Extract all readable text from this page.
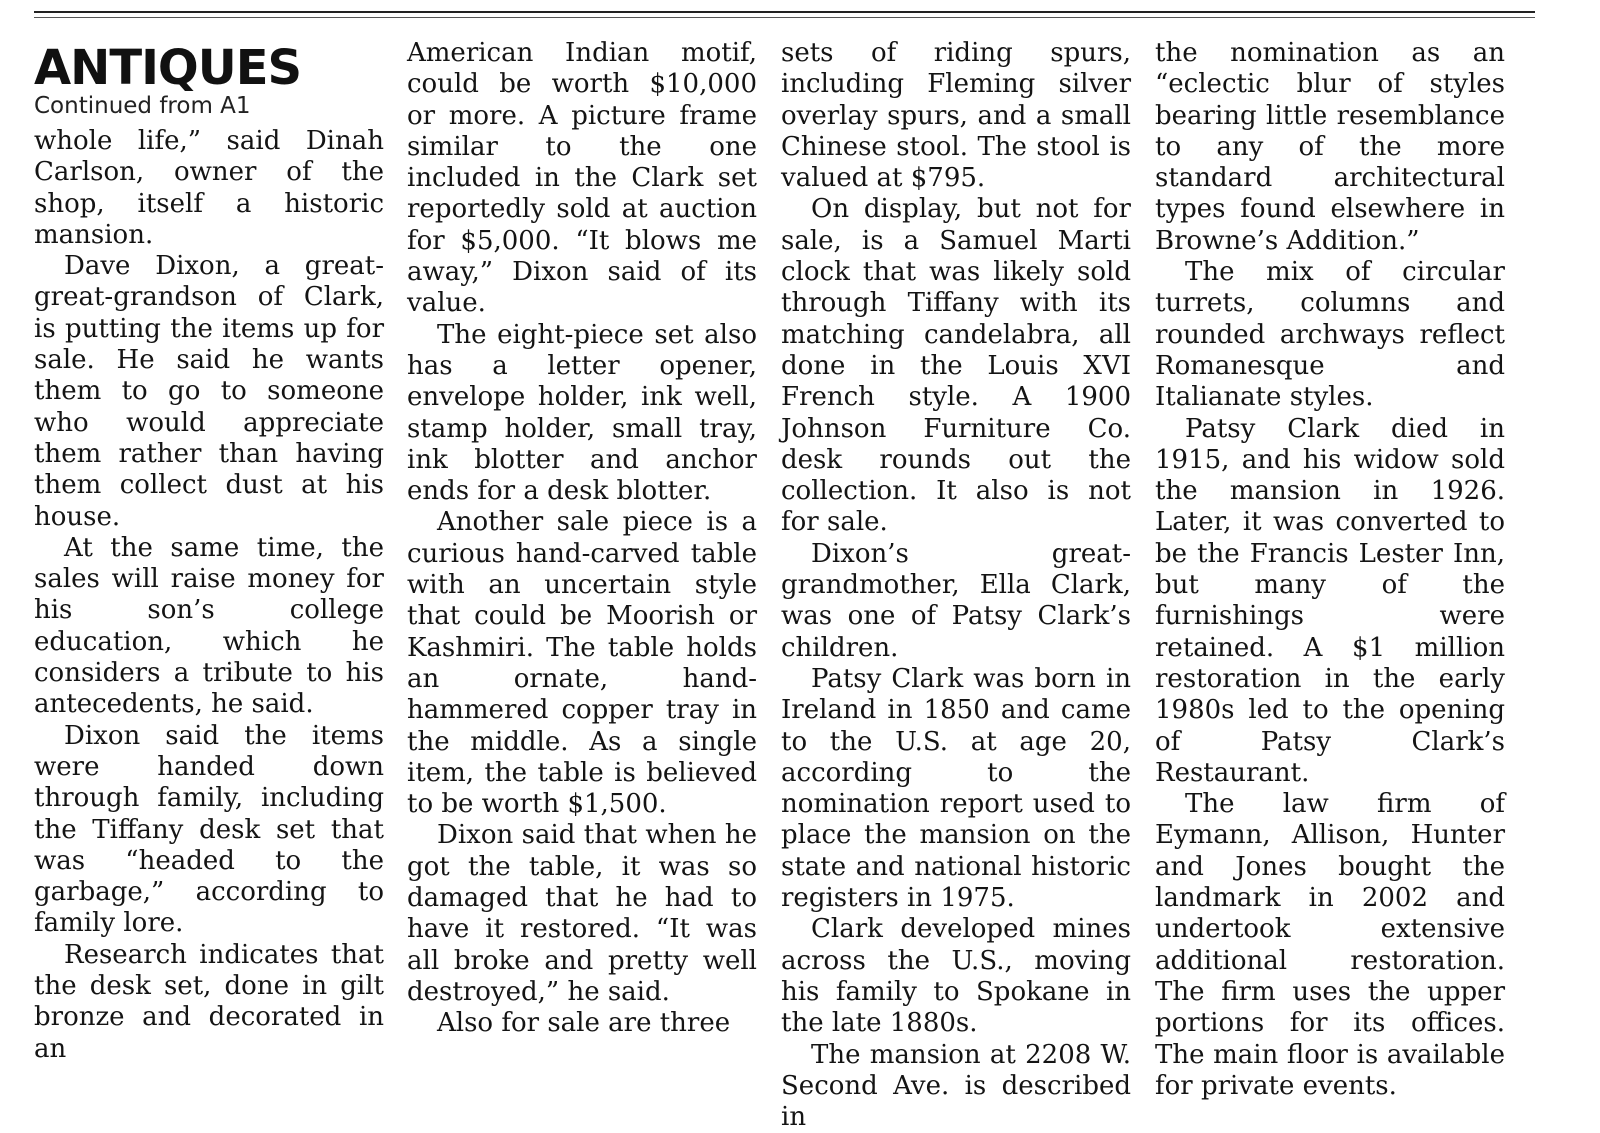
ANTIQUES
Continued from A1

whole life,” said Dinah Carlson, owner of the shop, itself a historic mansion.

Dave Dixon, a great-great-grandson of Clark, is putting the items up for sale. He said he wants them to go to someone who would appreciate them rather than having them collect dust at his house.

At the same time, the sales will raise money for his son’s college education, which he considers a tribute to his antecedents, he said.

Dixon said the items were handed down through family, including the Tiffany desk set that was “headed to the garbage,” according to family lore.

Research indicates that the desk set, done in gilt bronze and decorated in an

American Indian motif, could be worth $10,000 or more. A picture frame similar to the one included in the Clark set reportedly sold at auction for $5,000. “It blows me away,” Dixon said of its value.

The eight-piece set also has a letter opener, envelope holder, ink well, stamp holder, small tray, ink blotter and anchor ends for a desk blotter.

Another sale piece is a curious hand-carved table with an uncertain style that could be Moorish or Kashmiri. The table holds an ornate, hand-hammered copper tray in the middle. As a single item, the table is believed to be worth $1,500.

Dixon said that when he got the table, it was so damaged that he had to have it restored. “It was all broke and pretty well destroyed,” he said.

Also for sale are three

sets of riding spurs, including Fleming silver overlay spurs, and a small Chinese stool. The stool is valued at $795.

On display, but not for sale, is a Samuel Marti clock that was likely sold through Tiffany with its matching candelabra, all done in the Louis XVI French style. A 1900 Johnson Furniture Co. desk rounds out the collection. It also is not for sale.

Dixon’s great-grandmother, Ella Clark, was one of Patsy Clark’s children.

Patsy Clark was born in Ireland in 1850 and came to the U.S. at age 20, according to the nomination report used to place the mansion on the state and national historic registers in 1975.

Clark developed mines across the U.S., moving his family to Spokane in the late 1880s.

The mansion at 2208 W. Second Ave. is described in

the nomination as an “eclectic blur of styles bearing little resemblance to any of the more standard architectural types found elsewhere in Browne’s Addition.”

The mix of circular turrets, columns and rounded archways reflect Romanesque and Italianate styles.

Patsy Clark died in 1915, and his widow sold the mansion in 1926. Later, it was converted to be the Francis Lester Inn, but many of the furnishings were retained. A $1 million restoration in the early 1980s led to the opening of Patsy Clark’s Restaurant.

The law firm of Eymann, Allison, Hunter and Jones bought the landmark in 2002 and undertook extensive additional restoration. The firm uses the upper portions for its offices. The main floor is available for private events.
